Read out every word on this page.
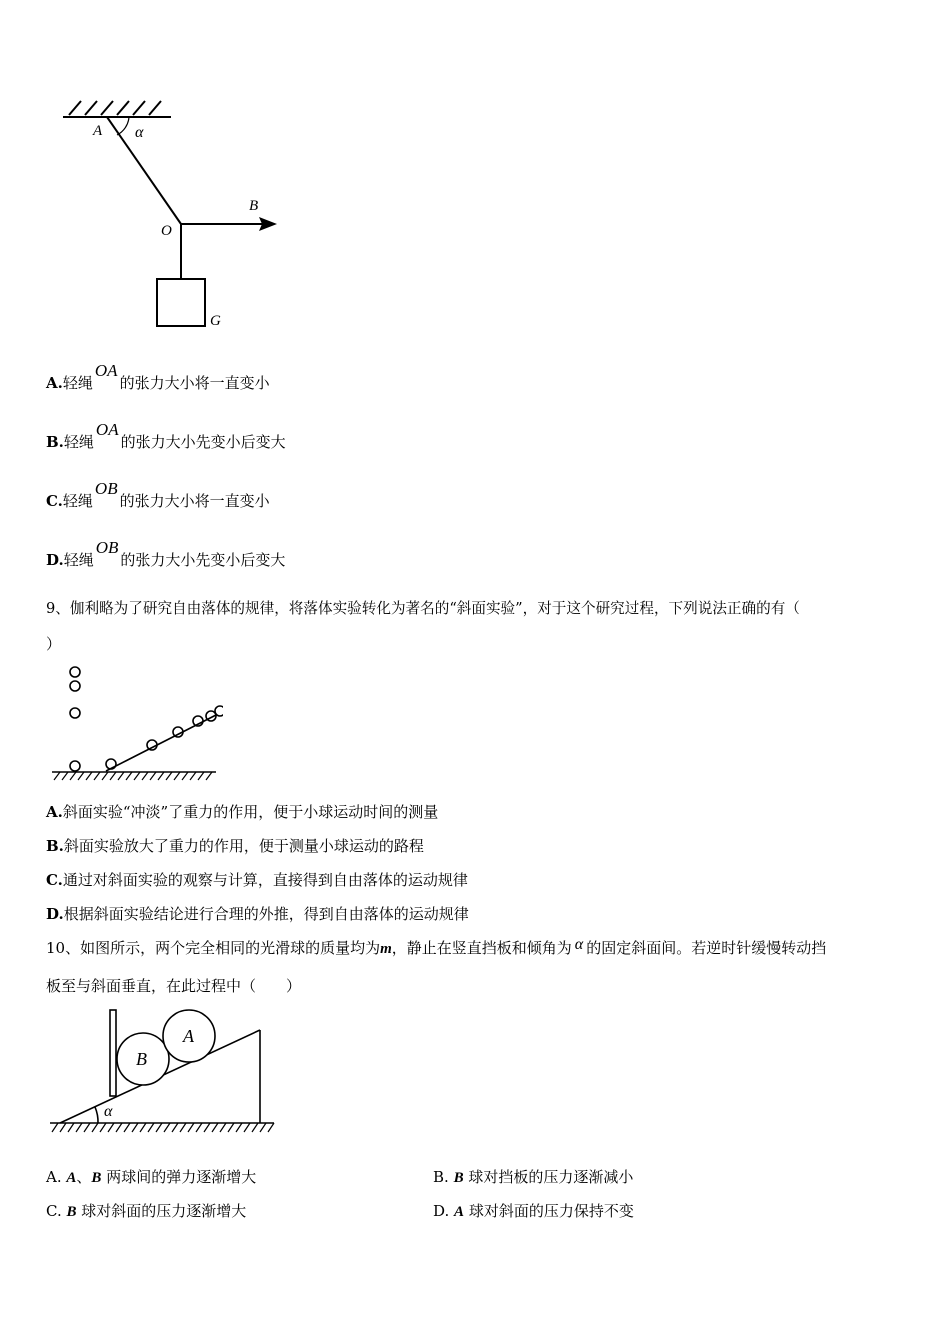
A α
B
O
G
A. 轻绳
OA
的张力大小将一直变小
B. 轻绳
OA
的张力大小先变小后变大
C. 轻绳
OB
的张力大小将一直变小
D. 轻绳
OB
的张力大小先变小后变大
9、伽利略为了研究自由落体的规律，将落体实验转化为著名的“斜面实验”，对于这个研究过程，下列说法正确的有（
）
A. 斜面实验“冲淡”了重力的作用，便于小球运动时间的测量
B. 斜面实验放大了重力的作用，便于测量小球运动的路程
C. 通过对斜面实验的观察与计算，直接得到自由落体的运动规律
D. 根据斜面实验结论进行合理的外推，得到自由落体的运动规律
10、如图所示，两个完全相同的光滑球的质量均为m，静止在竖直挡板和倾角为 α 的固定斜面间。若逆时针缓慢转动挡
板至与斜面垂直，在此过程中（　　）
B
A
α
A. A、B 两球间的弹力逐渐增大	B. B 球对挡板的压力逐渐减小
C. B 球对斜面的压力逐渐增大	D. A 球对斜面的压力保持不变
